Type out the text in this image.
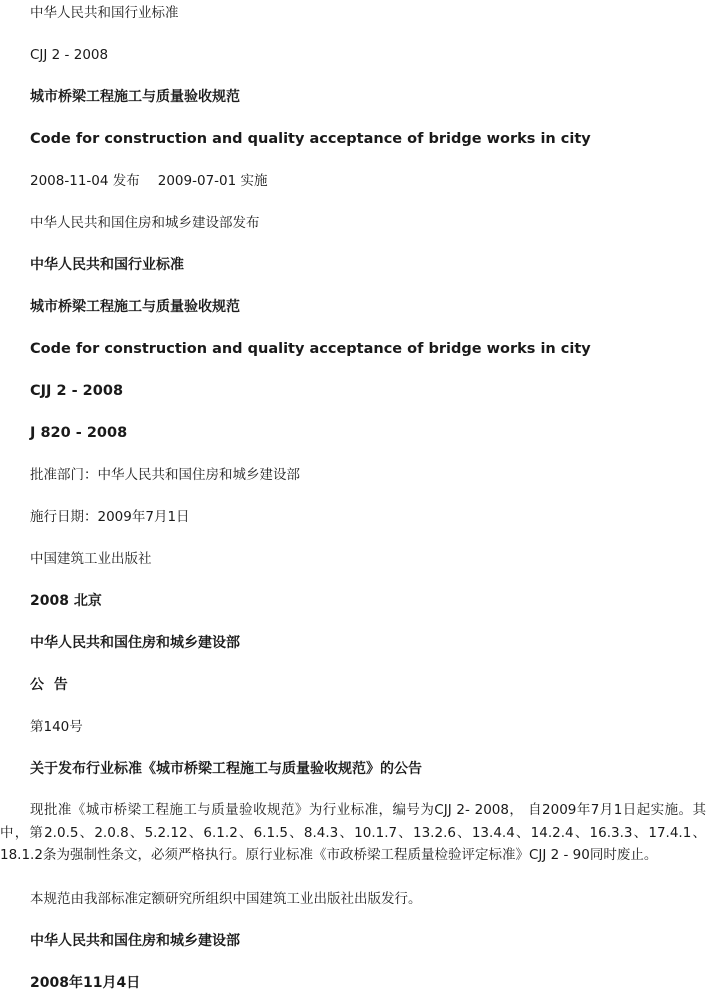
中华人民共和国行业标准
CJJ 2 - 2008
城市桥梁工程施工与质量验收规范
Code for construction and quality acceptance of bridge works in city
2008-11-04 发布 2009-07-01 实施
中华人民共和国住房和城乡建设部发布
中华人民共和国行业标准
城市桥梁工程施工与质量验收规范
Code for construction and quality acceptance of bridge works in city
CJJ 2 - 2008
J 820 - 2008
批准部门：中华人民共和国住房和城乡建设部
施行日期：2009年7月1日
中国建筑工业出版社
2008 北京
中华人民共和国住房和城乡建设部
公  告
第140号
关于发布行业标准《城市桥梁工程施工与质量验收规范》的公告
现批准《城市桥梁工程施工与质量验收规范》为行业标准，编号为CJJ 2- 2008， 自2009年7月1日起实施。其中，第2.0.5、2.0.8、5.2.12、6.1.2、6.1.5、8.4.3、10.1.7、13.2.6、13.4.4、14.2.4、16.3.3、17.4.1、18.1.2条为强制性条文，必须严格执行。原行业标准《市政桥梁工程质量检验评定标准》CJJ 2 - 90同时废止。
本规范由我部标准定额研究所组织中国建筑工业出版社出版发行。
中华人民共和国住房和城乡建设部
2008年11月4日
